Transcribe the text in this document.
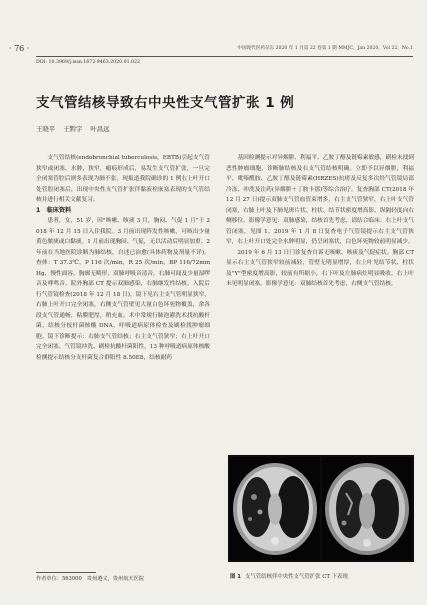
· 76 ·	中国现代医药杂志 2020 年 1 月第 22 卷第 1 期 MMJC，Jan 2020，Vol 22，No.1
DOI: 10.3969/j.issn.1672-9463.2020.01.022
支气管结核导致右中央性支气管扩张 1 例
王晓平 王黔宇 叶昌远

支气管结核(endobronchial tuberculosis，EBTB)引起支气管狭窄或闭塞、水肿、狭窄，瘢痕形成后，易发生支气管扩张，一旦完全闭塞管腔后则多表现为肺不张。现报道我院确诊的 1 例右上叶开口处管腔闭塞后，出现中央性支气管扩张伴黏液栓嵌塞表现的支气管结核并进行相关文献复习。

1　临床资料

患者，女，51 岁，因"咳嗽、咳痰 3 月，胸闷、气促 1 月"于 2018 年 12 月 15 日入住我院。3 月前出现阵发性咳嗽，可咳出少量黄色脓痰或白黏痰。1 月前出现胸闷、气促，无以活动后明显加重。2 年前在当地医院诊断为肺结核，自述已治愈(具体药物及剂量不详)。查体：T 37.3℃，P 116 次/min，R 25 次/min，BP 116/72mmHg，慢性面容，胸廓无畸形，双肺呼吸音清音，右肺可闻及少量湿啰音及哮鸣音。院外胸部 CT 提示双肺感染，右肺继发性结核。入院后行气管镜检查(2018 年 12 月 18 日)，镜下见右主支气管明显狭窄，右肺上叶开口完全闭塞，右侧支气管壁见大量白色坏死物覆盖，余各段支气管通畅，粘膜肥厚，稍充血。术中常规行肺泡灌洗术找抗酸杆菌、结核分枝杆菌核酸 DNA，呼吸道病原体检查及刷检找肿瘤细胞。镜下诊断提示：右肺支气管结核；右主支气管狭窄；右上叶开口完全闭塞。气管镜冲洗、刷检抗酸杆菌阳性，13 种呼吸道病原体核酸检测提示结核分支杆菌复合群阳性 8.50E8，结核耐药

基因检测提示对异烟肼、利福平、乙胺丁醇及链霉素敏感，刷检未找到恶性肿瘤细胞，诊断肺结核及右支气管结核明确。立即予以异烟肼、利福平、吡嗪酰胺、乙胺丁醇及链霉素(HRZES)抗痨及反复多次经气管镜局部冷冻、冲洗及注药(异烟肼＋丁胺卡那)等综合治疗。复查胸部 CT(2018 年 12 月 27 日)提示双肺支气管血管束增多，右主支气管狭窄，右上叶支气管闭塞，右肺上叶及下肺见斑片状、柱状、结节状密度增高影，纵隔轻度向右侧移位。影像学意见：双肺感染，结核首先考虑，请结合临床。右上叶支气管闭塞，见图 1。2019 年 1 月 8 日复查电子气管镜提示右主支气管狭窄，右上叶开口处完全水肿明显，仍呈闭塞状，白色坏死物较前明显减少。

2019 年 6 月 13 日门诊复查自诉无咳嗽、咳痰及气促症状。胸部 CT 显示右主支气管狭窄较前减轻，管壁无明显增厚，右上叶见结节状、柱状及"Y"型密度增高影，较前有所缩小，右下叶及左肺病灶明显吸收，右上叶未见明显闭塞。影像学意见：双肺结核首先考虑，右侧支气管结核。

图 1 支气管结核伴中央性支气管扩张 CT 下表现
作者单位：563000　贵州遵义，贵州航天医院
